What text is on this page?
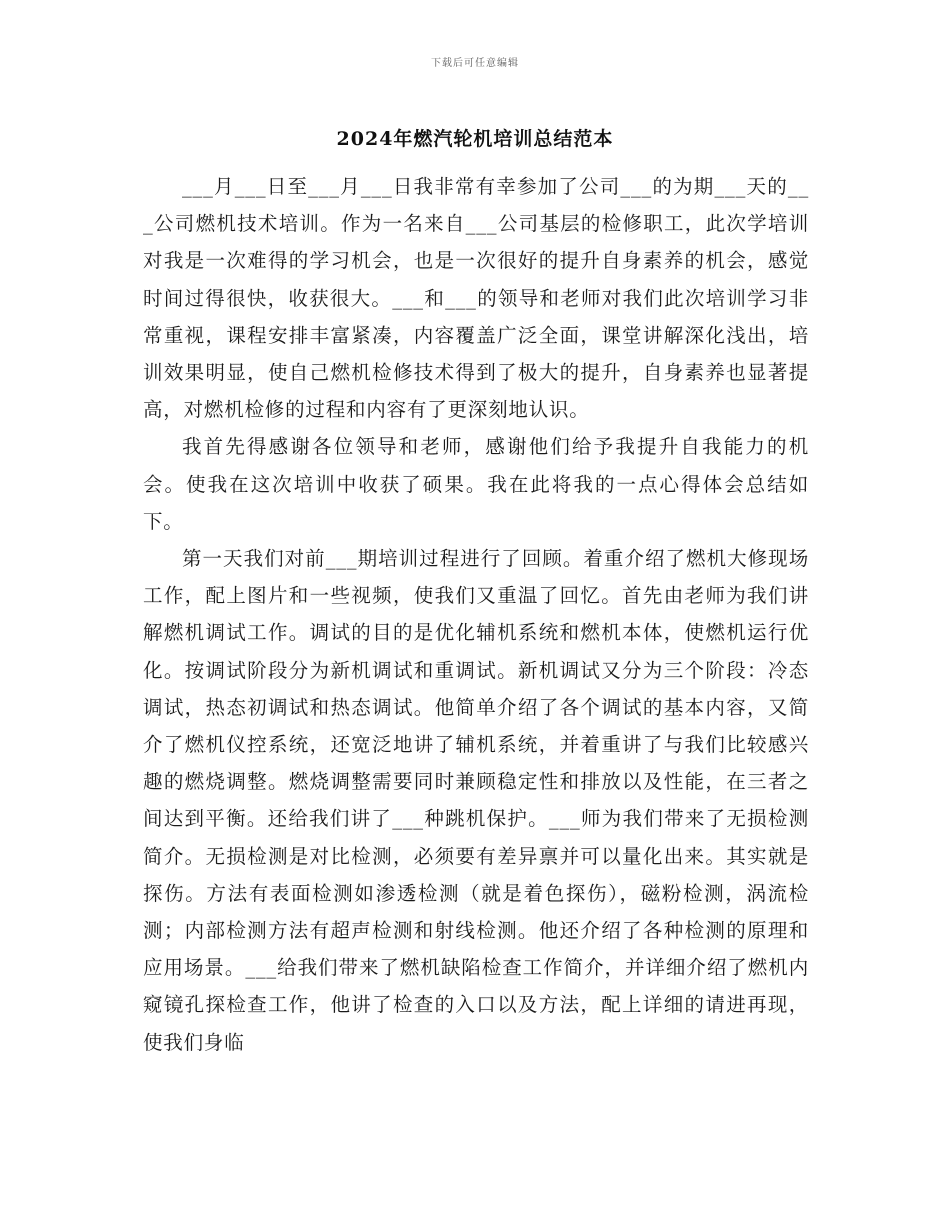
下载后可任意编辑
2024年燃汽轮机培训总结范本

___月___日至___月___日我非常有幸参加了公司___的为期___天的___公司燃机技术培训。作为一名来自___公司基层的检修职工，此次学培训对我是一次难得的学习机会，也是一次很好的提升自身素养的机会，感觉时间过得很快，收获很大。___和___的领导和老师对我们此次培训学习非常重视，课程安排丰富紧凑，内容覆盖广泛全面，课堂讲解深化浅出，培训效果明显，使自己燃机检修技术得到了极大的提升，自身素养也显著提高，对燃机检修的过程和内容有了更深刻地认识。

我首先得感谢各位领导和老师，感谢他们给予我提升自我能力的机会。使我在这次培训中收获了硕果。我在此将我的一点心得体会总结如下。

第一天我们对前___期培训过程进行了回顾。着重介绍了燃机大修现场工作，配上图片和一些视频，使我们又重温了回忆。首先由老师为我们讲解燃机调试工作。调试的目的是优化辅机系统和燃机本体，使燃机运行优化。按调试阶段分为新机调试和重调试。新机调试又分为三个阶段：冷态调试，热态初调试和热态调试。他简单介绍了各个调试的基本内容，又简介了燃机仪控系统，还宽泛地讲了辅机系统，并着重讲了与我们比较感兴趣的燃烧调整。燃烧调整需要同时兼顾稳定性和排放以及性能，在三者之间达到平衡。还给我们讲了___种跳机保护。___师为我们带来了无损检测简介。无损检测是对比检测，必须要有差异禀并可以量化出来。其实就是探伤。方法有表面检测如渗透检测（就是着色探伤），磁粉检测，涡流检测；内部检测方法有超声检测和射线检测。他还介绍了各种检测的原理和应用场景。___给我们带来了燃机缺陷检查工作简介，并详细介绍了燃机内窥镜孔探检查工作，他讲了检查的入口以及方法，配上详细的请进再现，使我们身临
